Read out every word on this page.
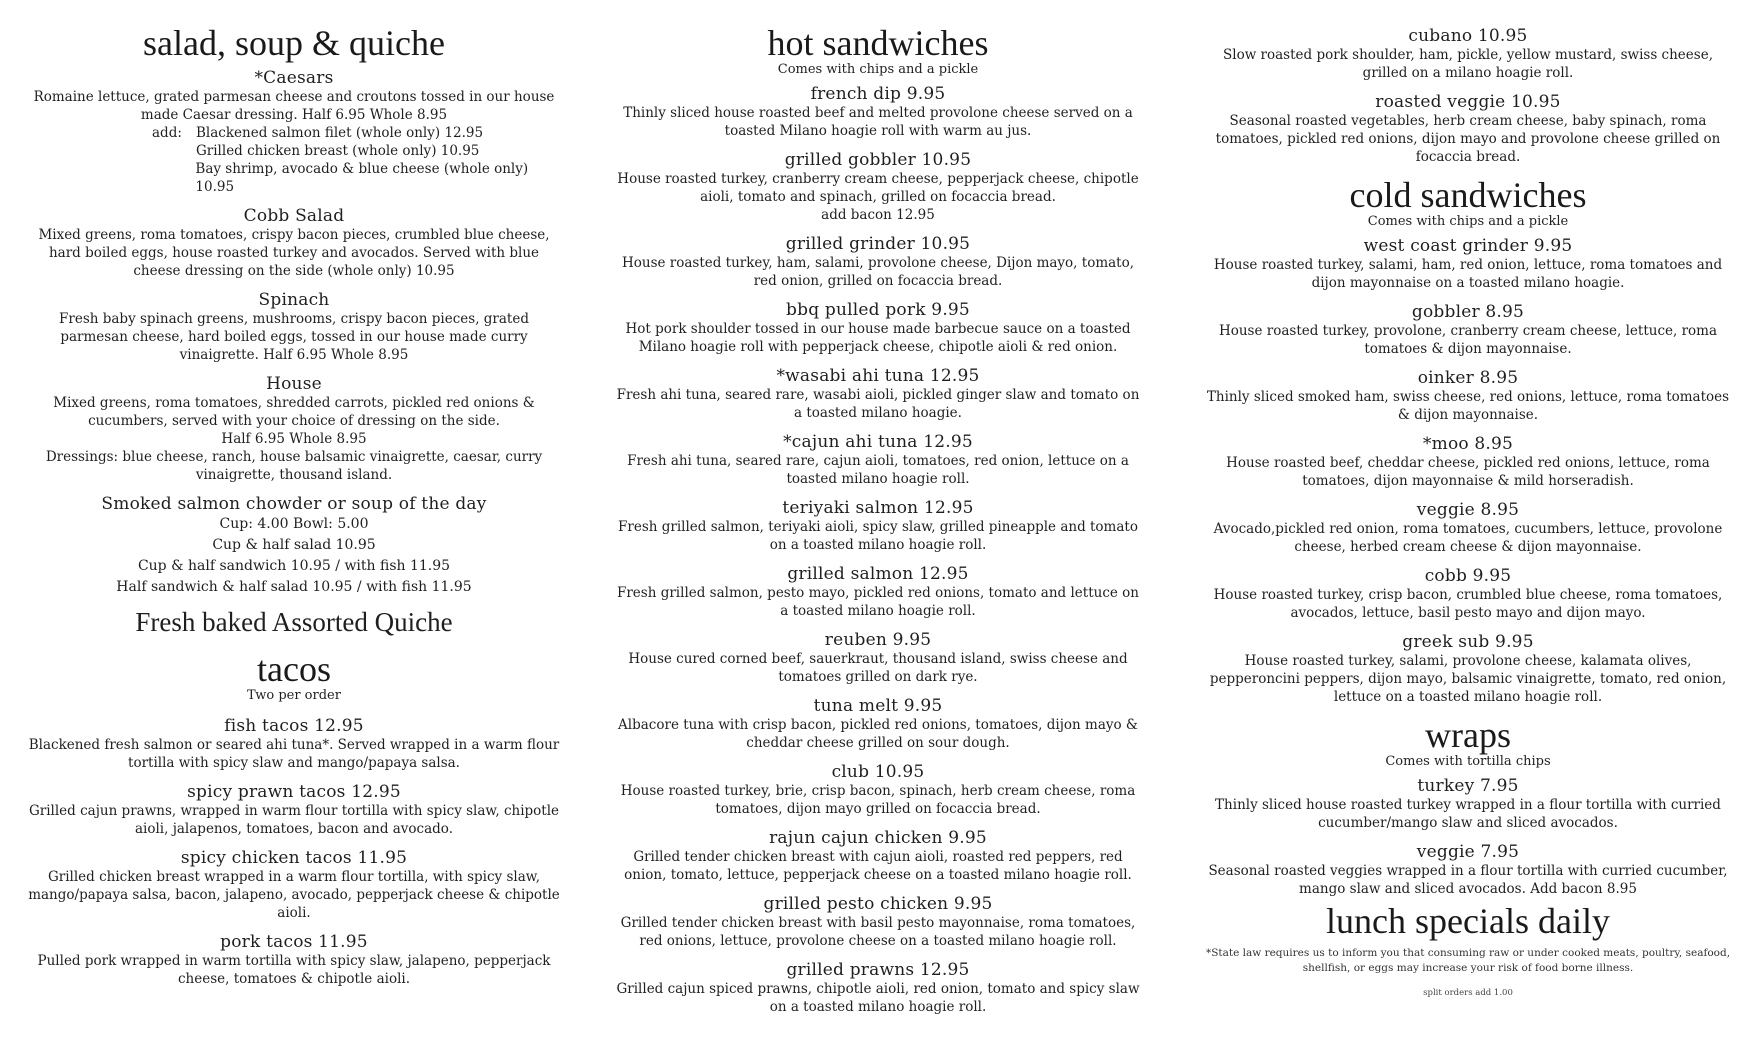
salad, soup & quiche
*Caesars
Romaine lettuce, grated parmesan cheese and croutons tossed in our house made Caesar dressing. Half 6.95 Whole 8.95
add:	Blackened salmon filet (whole only) 12.95
Grilled chicken breast (whole only) 10.95
Bay shrimp, avocado & blue cheese (whole only) 10.95
Cobb Salad
Mixed greens, roma tomatoes, crispy bacon pieces, crumbled blue cheese, hard boiled eggs, house roasted turkey and avocados. Served with blue cheese dressing on the side (whole only) 10.95
Spinach
Fresh baby spinach greens, mushrooms, crispy bacon pieces, grated parmesan cheese, hard boiled eggs, tossed in our house made curry vinaigrette. Half 6.95 Whole 8.95
House
Mixed greens, roma tomatoes, shredded carrots, pickled red onions & cucumbers, served with your choice of dressing on the side.
Half 6.95 Whole 8.95
Dressings: blue cheese, ranch, house balsamic vinaigrette, caesar, curry vinaigrette, thousand island.
Smoked salmon chowder or soup of the day
Cup: 4.00 Bowl: 5.00
Cup & half salad 10.95
Cup & half sandwich 10.95 / with fish 11.95
Half sandwich & half salad 10.95 / with fish 11.95
Fresh baked Assorted Quiche
tacos
Two per order
fish tacos 12.95
Blackened fresh salmon or seared ahi tuna*. Served wrapped in a warm flour tortilla with spicy slaw and mango/papaya salsa.
spicy prawn tacos 12.95
Grilled cajun prawns, wrapped in warm flour tortilla with spicy slaw, chipotle aioli, jalapenos, tomatoes, bacon and avocado.
spicy chicken tacos 11.95
Grilled chicken breast wrapped in a warm flour tortilla, with spicy slaw, mango/papaya salsa, bacon, jalapeno, avocado, pepperjack cheese & chipotle aioli.
pork tacos 11.95
Pulled pork wrapped in warm tortilla with spicy slaw, jalapeno, pepperjack cheese, tomatoes & chipotle aioli.
hot sandwiches
Comes with chips and a pickle
french dip 9.95
Thinly sliced house roasted beef and melted provolone cheese served on a toasted Milano hoagie roll with warm au jus.
grilled gobbler 10.95
House roasted turkey, cranberry cream cheese, pepperjack cheese, chipotle aioli, tomato and spinach, grilled on focaccia bread.
add bacon 12.95
grilled grinder 10.95
House roasted turkey, ham, salami, provolone cheese, Dijon mayo, tomato, red onion, grilled on focaccia bread.
bbq pulled pork 9.95
Hot pork shoulder tossed in our house made barbecue sauce on a toasted Milano hoagie roll with pepperjack cheese, chipotle aioli & red onion.
*wasabi ahi tuna 12.95
Fresh ahi tuna, seared rare, wasabi aioli, pickled ginger slaw and tomato on a toasted milano hoagie.
*cajun ahi tuna 12.95
Fresh ahi tuna, seared rare, cajun aioli, tomatoes, red onion, lettuce on a toasted milano hoagie roll.
teriyaki salmon 12.95
Fresh grilled salmon, teriyaki aioli, spicy slaw, grilled pineapple and tomato on a toasted milano hoagie roll.
grilled salmon 12.95
Fresh grilled salmon, pesto mayo, pickled red onions, tomato and lettuce on a toasted milano hoagie roll.
reuben 9.95
House cured corned beef, sauerkraut, thousand island, swiss cheese and tomatoes grilled on dark rye.
tuna melt 9.95
Albacore tuna with crisp bacon, pickled red onions, tomatoes, dijon mayo & cheddar cheese grilled on sour dough.
club 10.95
House roasted turkey, brie, crisp bacon, spinach, herb cream cheese, roma tomatoes, dijon mayo grilled on focaccia bread.
rajun cajun chicken 9.95
Grilled tender chicken breast with cajun aioli, roasted red peppers, red onion, tomato, lettuce, pepperjack cheese on a toasted milano hoagie roll.
grilled pesto chicken 9.95
Grilled tender chicken breast with basil pesto mayonnaise, roma tomatoes, red onions, lettuce, provolone cheese on a toasted milano hoagie roll.
grilled prawns 12.95
Grilled cajun spiced prawns, chipotle aioli, red onion, tomato and spicy slaw on a toasted milano hoagie roll.
cubano 10.95
Slow roasted pork shoulder, ham, pickle, yellow mustard, swiss cheese, grilled on a milano hoagie roll.
roasted veggie 10.95
Seasonal roasted vegetables, herb cream cheese, baby spinach, roma tomatoes, pickled red onions, dijon mayo and provolone cheese grilled on focaccia bread.
cold sandwiches
Comes with chips and a pickle
west coast grinder 9.95
House roasted turkey, salami, ham, red onion, lettuce, roma tomatoes and dijon mayonnaise on a toasted milano hoagie.
gobbler 8.95
House roasted turkey, provolone, cranberry cream cheese, lettuce, roma tomatoes & dijon mayonnaise.
oinker 8.95
Thinly sliced smoked ham, swiss cheese, red onions, lettuce, roma tomatoes & dijon mayonnaise.
*moo 8.95
House roasted beef, cheddar cheese, pickled red onions, lettuce, roma tomatoes, dijon mayonnaise & mild horseradish.
veggie 8.95
Avocado,pickled red onion, roma tomatoes, cucumbers, lettuce, provolone cheese, herbed cream cheese & dijon mayonnaise.
cobb 9.95
House roasted turkey, crisp bacon, crumbled blue cheese, roma tomatoes, avocados, lettuce, basil pesto mayo and dijon mayo.
greek sub 9.95
House roasted turkey, salami, provolone cheese, kalamata olives, pepperoncini peppers, dijon mayo, balsamic vinaigrette, tomato, red onion, lettuce on a toasted milano hoagie roll.
wraps
Comes with tortilla chips
turkey 7.95
Thinly sliced house roasted turkey wrapped in a flour tortilla with curried cucumber/mango slaw and sliced avocados.
veggie 7.95
Seasonal roasted veggies wrapped in a flour tortilla with curried cucumber, mango slaw and sliced avocados. Add bacon 8.95
lunch specials daily
*State law requires us to inform you that consuming raw or under cooked meats, poultry, seafood, shellfish, or eggs may increase your risk of food borne illness.
split orders add 1.00
